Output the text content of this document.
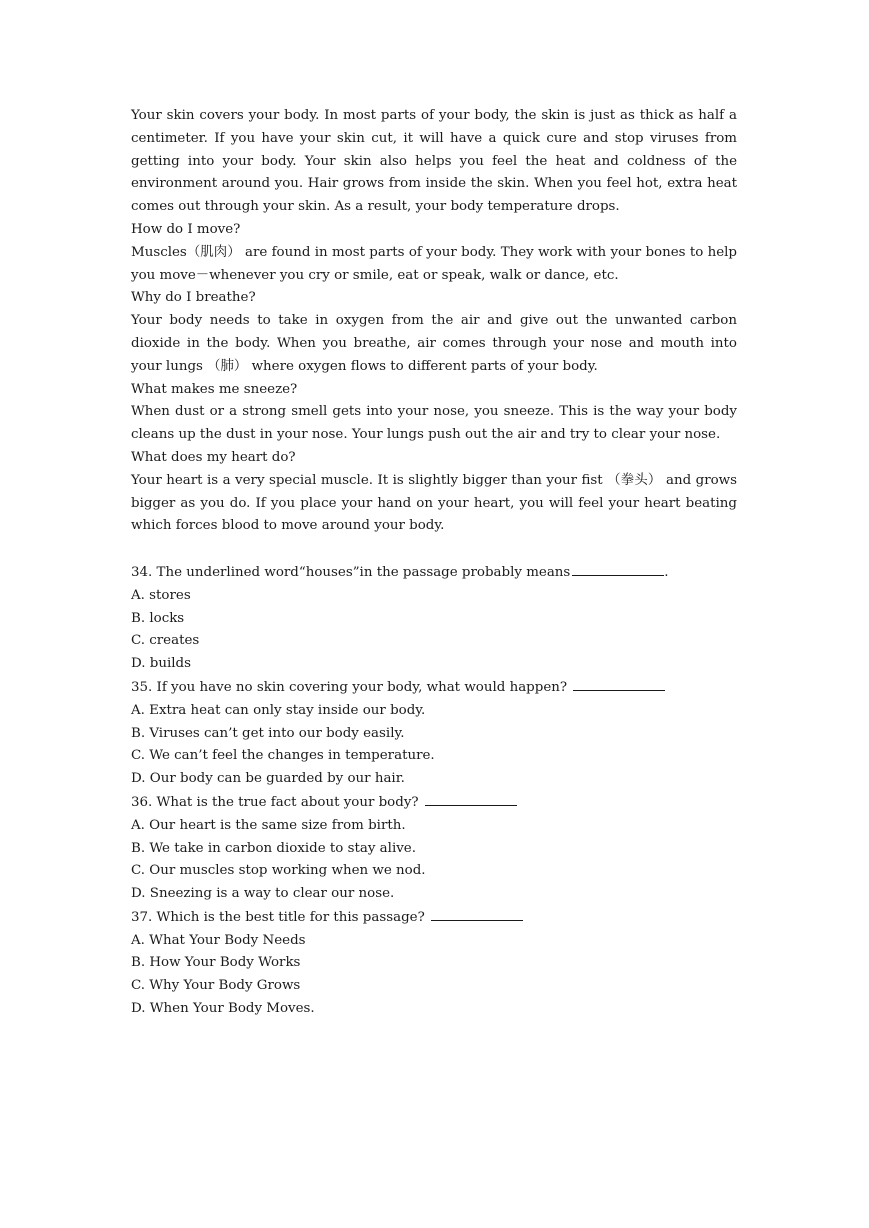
Your skin covers your body. In most parts of your body, the skin is just as thick as half a centimeter. If you have your skin cut, it will have a quick cure and stop viruses from getting into your body. Your skin also helps you feel the heat and coldness of the environment around you. Hair grows from inside the skin. When you feel hot, extra heat comes out through your skin. As a result, your body temperature drops.

How do I move?

Muscles（肌肉） are found in most parts of your body. They work with your bones to help you move－whenever you cry or smile, eat or speak, walk or dance, etc.

Why do I breathe?

Your body needs to take in oxygen from the air and give out the unwanted carbon dioxide in the body. When you breathe, air comes through your nose and mouth into your lungs （肺） where oxygen flows to different parts of your body.

What makes me sneeze?

When dust or a strong smell gets into your nose, you sneeze. This is the way your body cleans up the dust in your nose. Your lungs push out the air and try to clear your nose.

What does my heart do?

Your heart is a very special muscle. It is slightly bigger than your fist （拳头） and grows bigger as you do. If you place your hand on your heart, you will feel your heart beating which forces blood to move around your body.

34. The underlined word“houses”in the passage probably means	.

A. stores

B. locks

C. creates

D. builds

35. If you have no skin covering your body, what would happen?

A. Extra heat can only stay inside our body.

B. Viruses can’t get into our body easily.

C. We can’t feel the changes in temperature.

D. Our body can be guarded by our hair.

36. What is the true fact about your body?

A. Our heart is the same size from birth.

B. We take in carbon dioxide to stay alive.

C. Our muscles stop working when we nod.

D. Sneezing is a way to clear our nose.

37. Which is the best title for this passage?

A. What Your Body Needs

B. How Your Body Works

C. Why Your Body Grows

D. When Your Body Moves.
